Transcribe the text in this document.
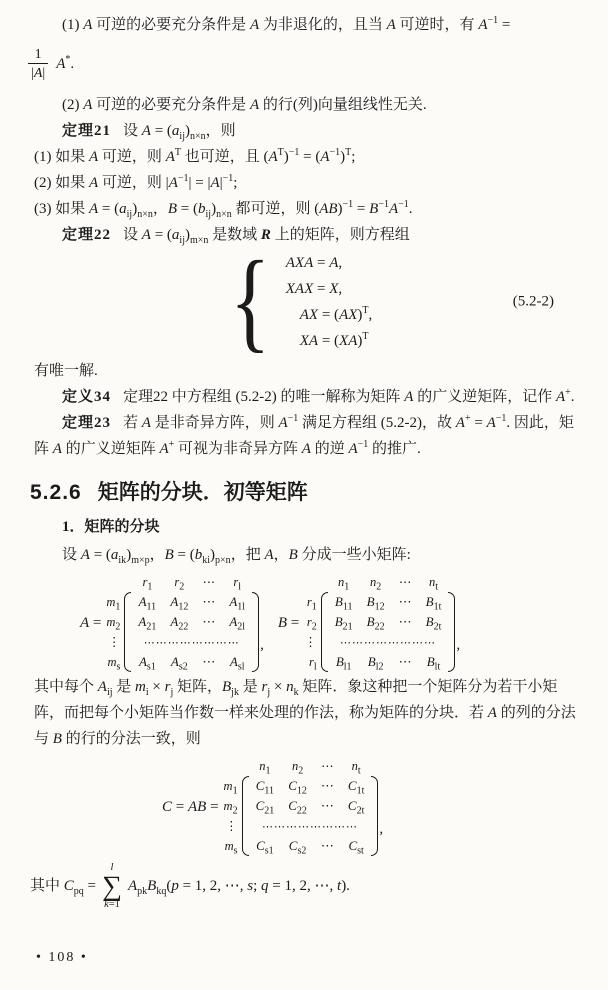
(1) A 可逆的必要充分条件是 A 为非退化的，且当 A 可逆时，有 $A^{-1}$ =

$\frac{1}{|A|} A^*$.

(2) A 可逆的必要充分条件是 A 的行(列)向量组线性无关.

定理21 设 $A = (a_{ij})_{n\times n}$，则

(1) 如果 A 可逆，则 $A^T$ 也可逆，且 $(A^T)^{-1} = (A^{-1})^T$;

(2) 如果 A 可逆，则 $|A^{-1}| = |A|^{-1}$;

(3) 如果 $A = (a_{ij})_{n\times n}$，$B = (b_{ij})_{n\times n}$ 都可逆，则 $(AB)^{-1} = B^{-1}A^{-1}$.

定理22 设 $A = (a_{ij})_{m\times n}$ 是数域 R 上的矩阵，则方程组

{ AXA = A,
XAX = X,
AX = (AX)$^T$,
XA = (XA)$^T$
(5.2-2)

有唯一解.

定义34 定理22 中方程组 (5.2-2) 的唯一解称为矩阵 A 的广义逆矩阵，记作 A+.

定理23 若 A 是非奇异方阵，则 $A^{-1}$ 满足方程组 (5.2-2)，故 $A^+ = A^{-1}$. 因此，矩阵 A 的广义逆矩阵 A+ 可视为非奇异方阵 A 的逆 $A^{-1}$ 的推广.

5.2.6 矩阵的分块．初等矩阵

1．矩阵的分块

设 $A = (a_{ik})_{m\times p}$，$B = (b_{ki})_{p\times n}$，把 A，B 分成一些小矩阵:

A =
		$r_1$	$r_2$	⋯	$r_l$	
$m_1$		$A_{11}$	$A_{12}$	⋯	$A_{1l}$	
$m_2$		$A_{21}$	$A_{22}$	⋯	$A_{2l}$
⋮		⋯⋯⋯⋯⋯⋯⋯⋯				
$m_s$		$A_{s1}$	$A_{s2}$	⋯	$A_{sl}$
,
B =
		$n_1$	$n_2$	⋯	$n_t$	
$r_1$		$B_{11}$	$B_{12}$	⋯	$B_{1t}$	
$r_2$		$B_{21}$	$B_{22}$	⋯	$B_{2t}$
⋮		⋯⋯⋯⋯⋯⋯⋯⋯				
$r_l$		$B_{l1}$	$B_{l2}$	⋯	$B_{lt}$
,

其中每个 $A_{ij}$ 是 $m_i \times r_j$ 矩阵，$B_{jk}$ 是 $r_j \times n_k$ 矩阵．象这种把一个矩阵分为若干小矩阵，而把每个小矩阵当作数一样来处理的作法，称为矩阵的分块．若 A 的列的分法与 B 的行的分法一致，则

C = AB =
		$n_1$	$n_2$	⋯	$n_t$	
$m_1$		$C_{11}$	$C_{12}$	⋯	$C_{1t}$	
$m_2$		$C_{21}$	$C_{22}$	⋯	$C_{2t}$
⋮		⋯⋯⋯⋯⋯⋯⋯⋯				
$m_s$		$C_{s1}$	$C_{s2}$	⋯	$C_{st}$
,
其中 $C_{pq}$ =
l
∑
k=1
$A_{pk}B_{kq}(p = 1$, 2, ⋯, s; q = 1, 2, ⋯, t).
• 108 •
